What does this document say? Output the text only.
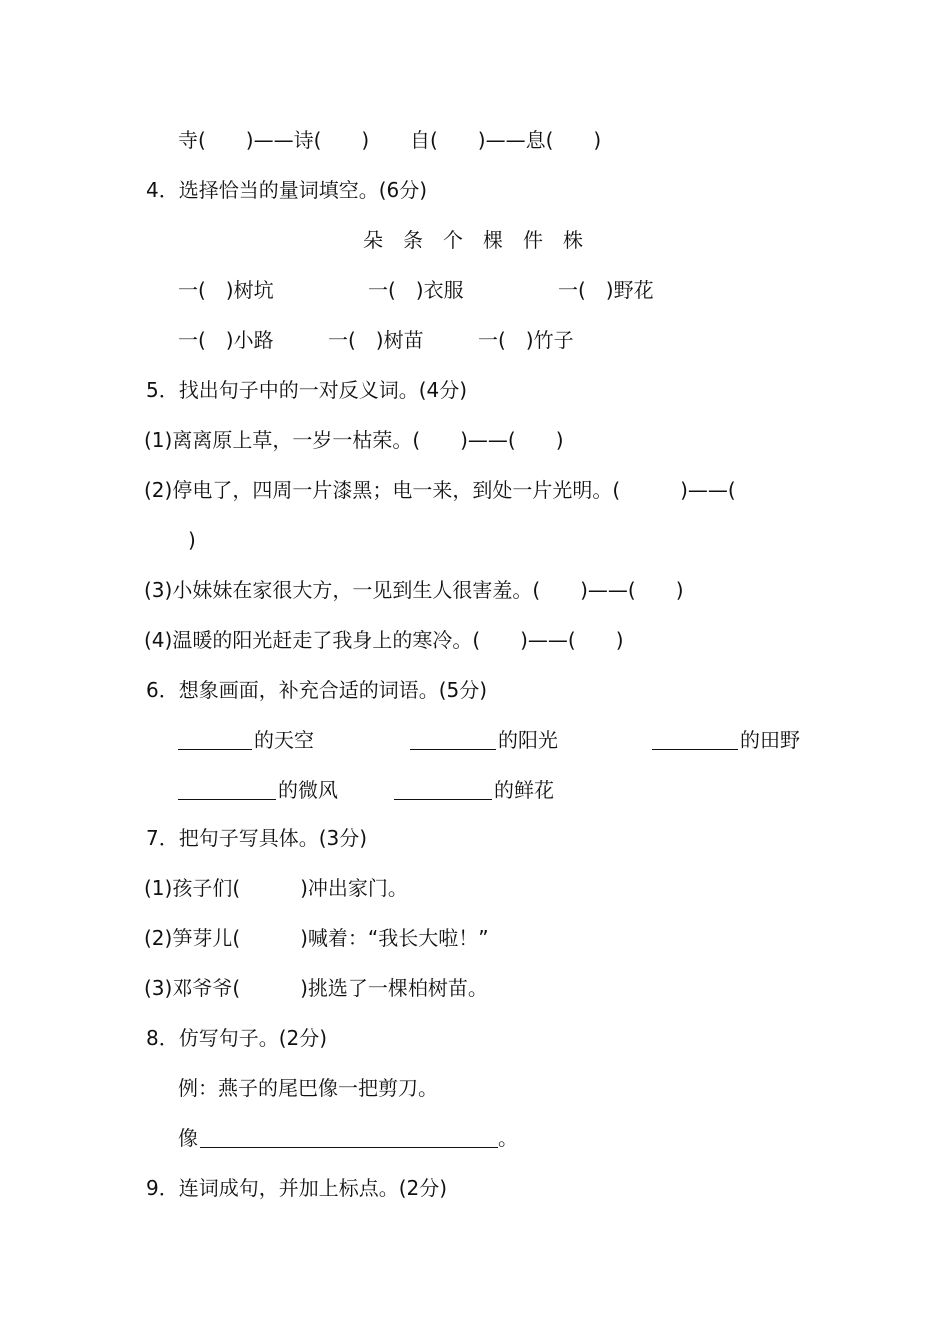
寺(　　)——诗(　　) 自(　　)——息(　　)
4．选择恰当的量词填空。(6分)
朵　条　个　棵　件　株
一(　)树坑	一(　)衣服	一(　)野花
一(　)小路	一(　)树苗	一(　)竹子
5．找出句子中的一对反义词。(4分)
(1)离离原上草，一岁一枯荣。(　　)——(　　)
(2)停电了，四周一片漆黑；电一来，到处一片光明。(　　　)——(
)
(3)小妹妹在家很大方，一见到生人很害羞。(　　)——(　　)
(4)温暖的阳光赶走了我身上的寒冷。(　　)——(　　)
6．想象画面，补充合适的词语。(5分)
的天空	的阳光	的田野
的微风	的鲜花
7．把句子写具体。(3分)
(1)孩子们(　　　)冲出家门。
(2)笋芽儿(　　　)喊着：“我长大啦！”
(3)邓爷爷(　　　)挑选了一棵柏树苗。
8．仿写句子。(2分)
例：燕子的尾巴像一把剪刀。
像	。
9．连词成句，并加上标点。(2分)
